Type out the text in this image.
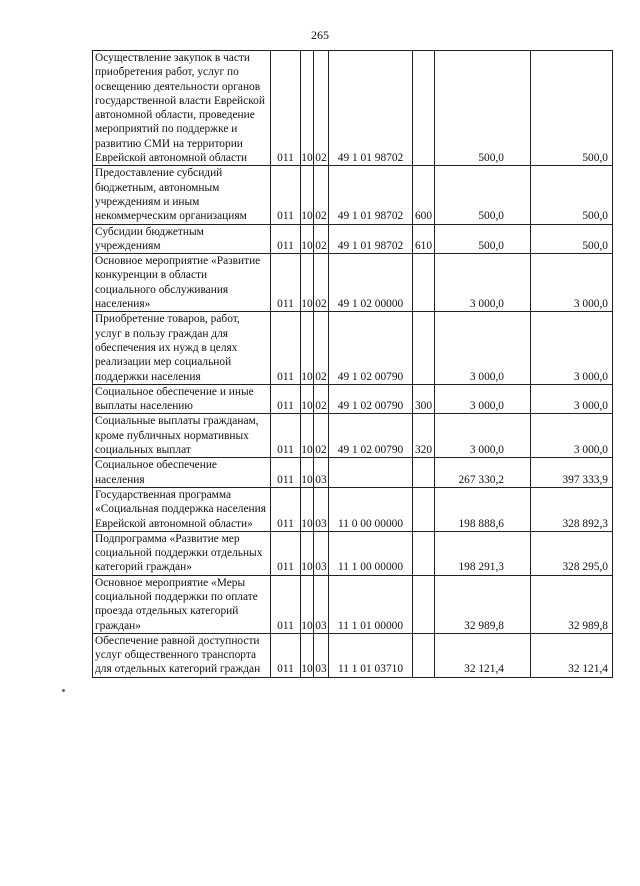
265
Осуществление закупок в части приобретения работ, услуг по освещению деятельности органов государственной власти Еврейской автономной области, проведение мероприятий по поддержке и развитию СМИ на территории Еврейской автономной области	011	10	02	49 1 01 98702		500,0	500,0
Предоставление субсидий бюджетным, автономным учреждениям и иным некоммерческим организациям	011	10	02	49 1 01 98702	600	500,0	500,0
Субсидии бюджетным учреждениям	011	10	02	49 1 01 98702	610	500,0	500,0
Основное мероприятие «Развитие конкуренции в области социального обслуживания населения»	011	10	02	49 1 02 00000		3 000,0	3 000,0
Приобретение товаров, работ, услуг в пользу граждан для обеспечения их нужд в целях реализации мер социальной поддержки населения	011	10	02	49 1 02 00790		3 000,0	3 000,0
Социальное обеспечение и иные выплаты населению	011	10	02	49 1 02 00790	300	3 000,0	3 000,0
Социальные выплаты гражданам, кроме публичных нормативных социальных выплат	011	10	02	49 1 02 00790	320	3 000,0	3 000,0
Социальное обеспечение населения	011	10	03			267 330,2	397 333,9
Государственная программа «Социальная поддержка населения Еврейской автономной области»	011	10	03	11 0 00 00000		198 888,6	328 892,3
Подпрограмма «Развитие мер социальной поддержки отдельных категорий граждан»	011	10	03	11 1 00 00000		198 291,3	328 295,0
Основное мероприятие «Меры социальной поддержки по оплате проезда отдельных категорий граждан»	011	10	03	11 1 01 00000		32 989,8	32 989,8
Обеспечение равной доступности услуг общественного транспорта для отдельных категорий граждан	011	10	03	11 1 01 03710		32 121,4	32 121,4
